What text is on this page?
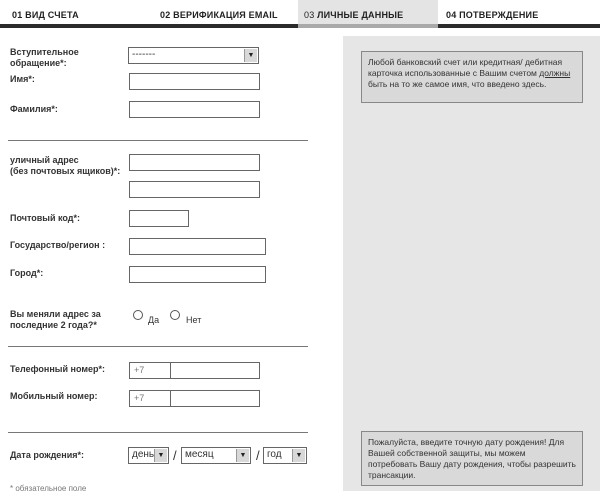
01 ВИД СЧЕТА	02 ВЕРИФИКАЦИЯ EMAIL	03 ЛИЧНЫЕ ДАННЫЕ	04 ПОТВЕРЖДЕНИЕ
Любой банковский счет или кредитная/ дебитная карточка использованные с Вашим счетом должны быть на то же самое имя, что введено здесь.
Пожалуйста, введите точную дату рождения! Для Вашей собственной защиты, мы можем потребовать Вашу дату рождения, чтобы разрешить трансакции.
Вступительное
обращение*:
-------	▼
Имя*:
Фамилия*:
уличный адрес
(без почтовых ящиков)*:
Почтовый код*:
Государство/регион :
Город*:
Вы меняли адрес за
последние 2 года?*	Да	Нет
Телефонный номер*:	+7
Мобильный номер:	+7
Дата рождения*:	день ▼ / месяц	▼ / год	▼
* обязательное поле
